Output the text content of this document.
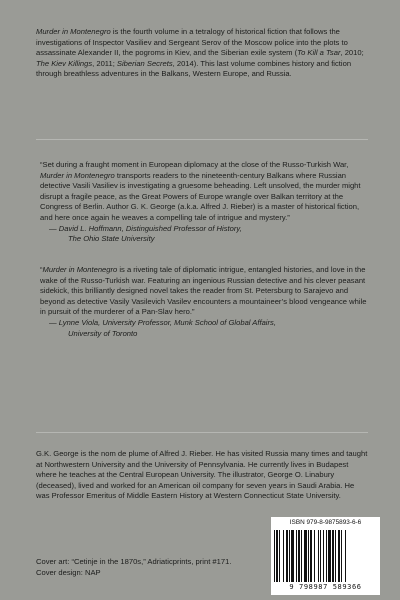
Murder in Montenegro is the fourth volume in a tetralogy of historical fiction that follows the investigations of Inspector Vasiliev and Sergeant Serov of the Moscow police into the plots to assassinate Alexander II, the pogroms in Kiev, and the Siberian exile system (To Kill a Tsar, 2010; The Kiev Killings, 2011; Siberian Secrets, 2014). This last volume combines history and fiction through breathless adventures in the Balkans, Western Europe, and Russia.

“Set during a fraught moment in European diplomacy at the close of the Russo-Turkish War, Murder in Montenegro transports readers to the nineteenth-century Balkans where Russian detective Vasili Vasiliev is investigating a gruesome beheading. Left unsolved, the murder might disrupt a fragile peace, as the Great Powers of Europe wrangle over Balkan territory at the Congress of Berlin. Author G. K. George (a.k.a. Alfred J. Rieber) is a master of historical fiction, and here once again he weaves a compelling tale of intrigue and mystery.”
— David L. Hoffmann, Distinguished Professor of History,
The Ohio State University

“Murder in Montenegro is a riveting tale of diplomatic intrigue, entangled histories, and love in the wake of the Russo-Turkish war. Featuring an ingenious Russian detective and his clever peasant sidekick, this brilliantly designed novel takes the reader from St. Petersburg to Sarajevo and beyond as detective Vasily Vasilevich Vasilev encounters a mountaineer’s blood vengeance while in pursuit of the murderer of a Pan-Slav hero.”
— Lynne Viola, University Professor, Munk School of Global Affairs,
University of Toronto

G.K. George is the nom de plume of Alfred J. Rieber. He has visited Russia many times and taught at Northwestern University and the University of Pennsylvania. He currently lives in Budapest where he teaches at the Central European University. The illustrator, George O. Linabury (deceased), lived and worked for an American oil company for seven years in Saudi Arabia. He was Professor Emeritus of Middle Eastern History at Western Connecticut State University.

Cover art: “Cetinje in the 1870s,” Adriaticprints, print #171.
Cover design: NAP
ISBN 979-8-9875893-6-6
9 798987 589366
